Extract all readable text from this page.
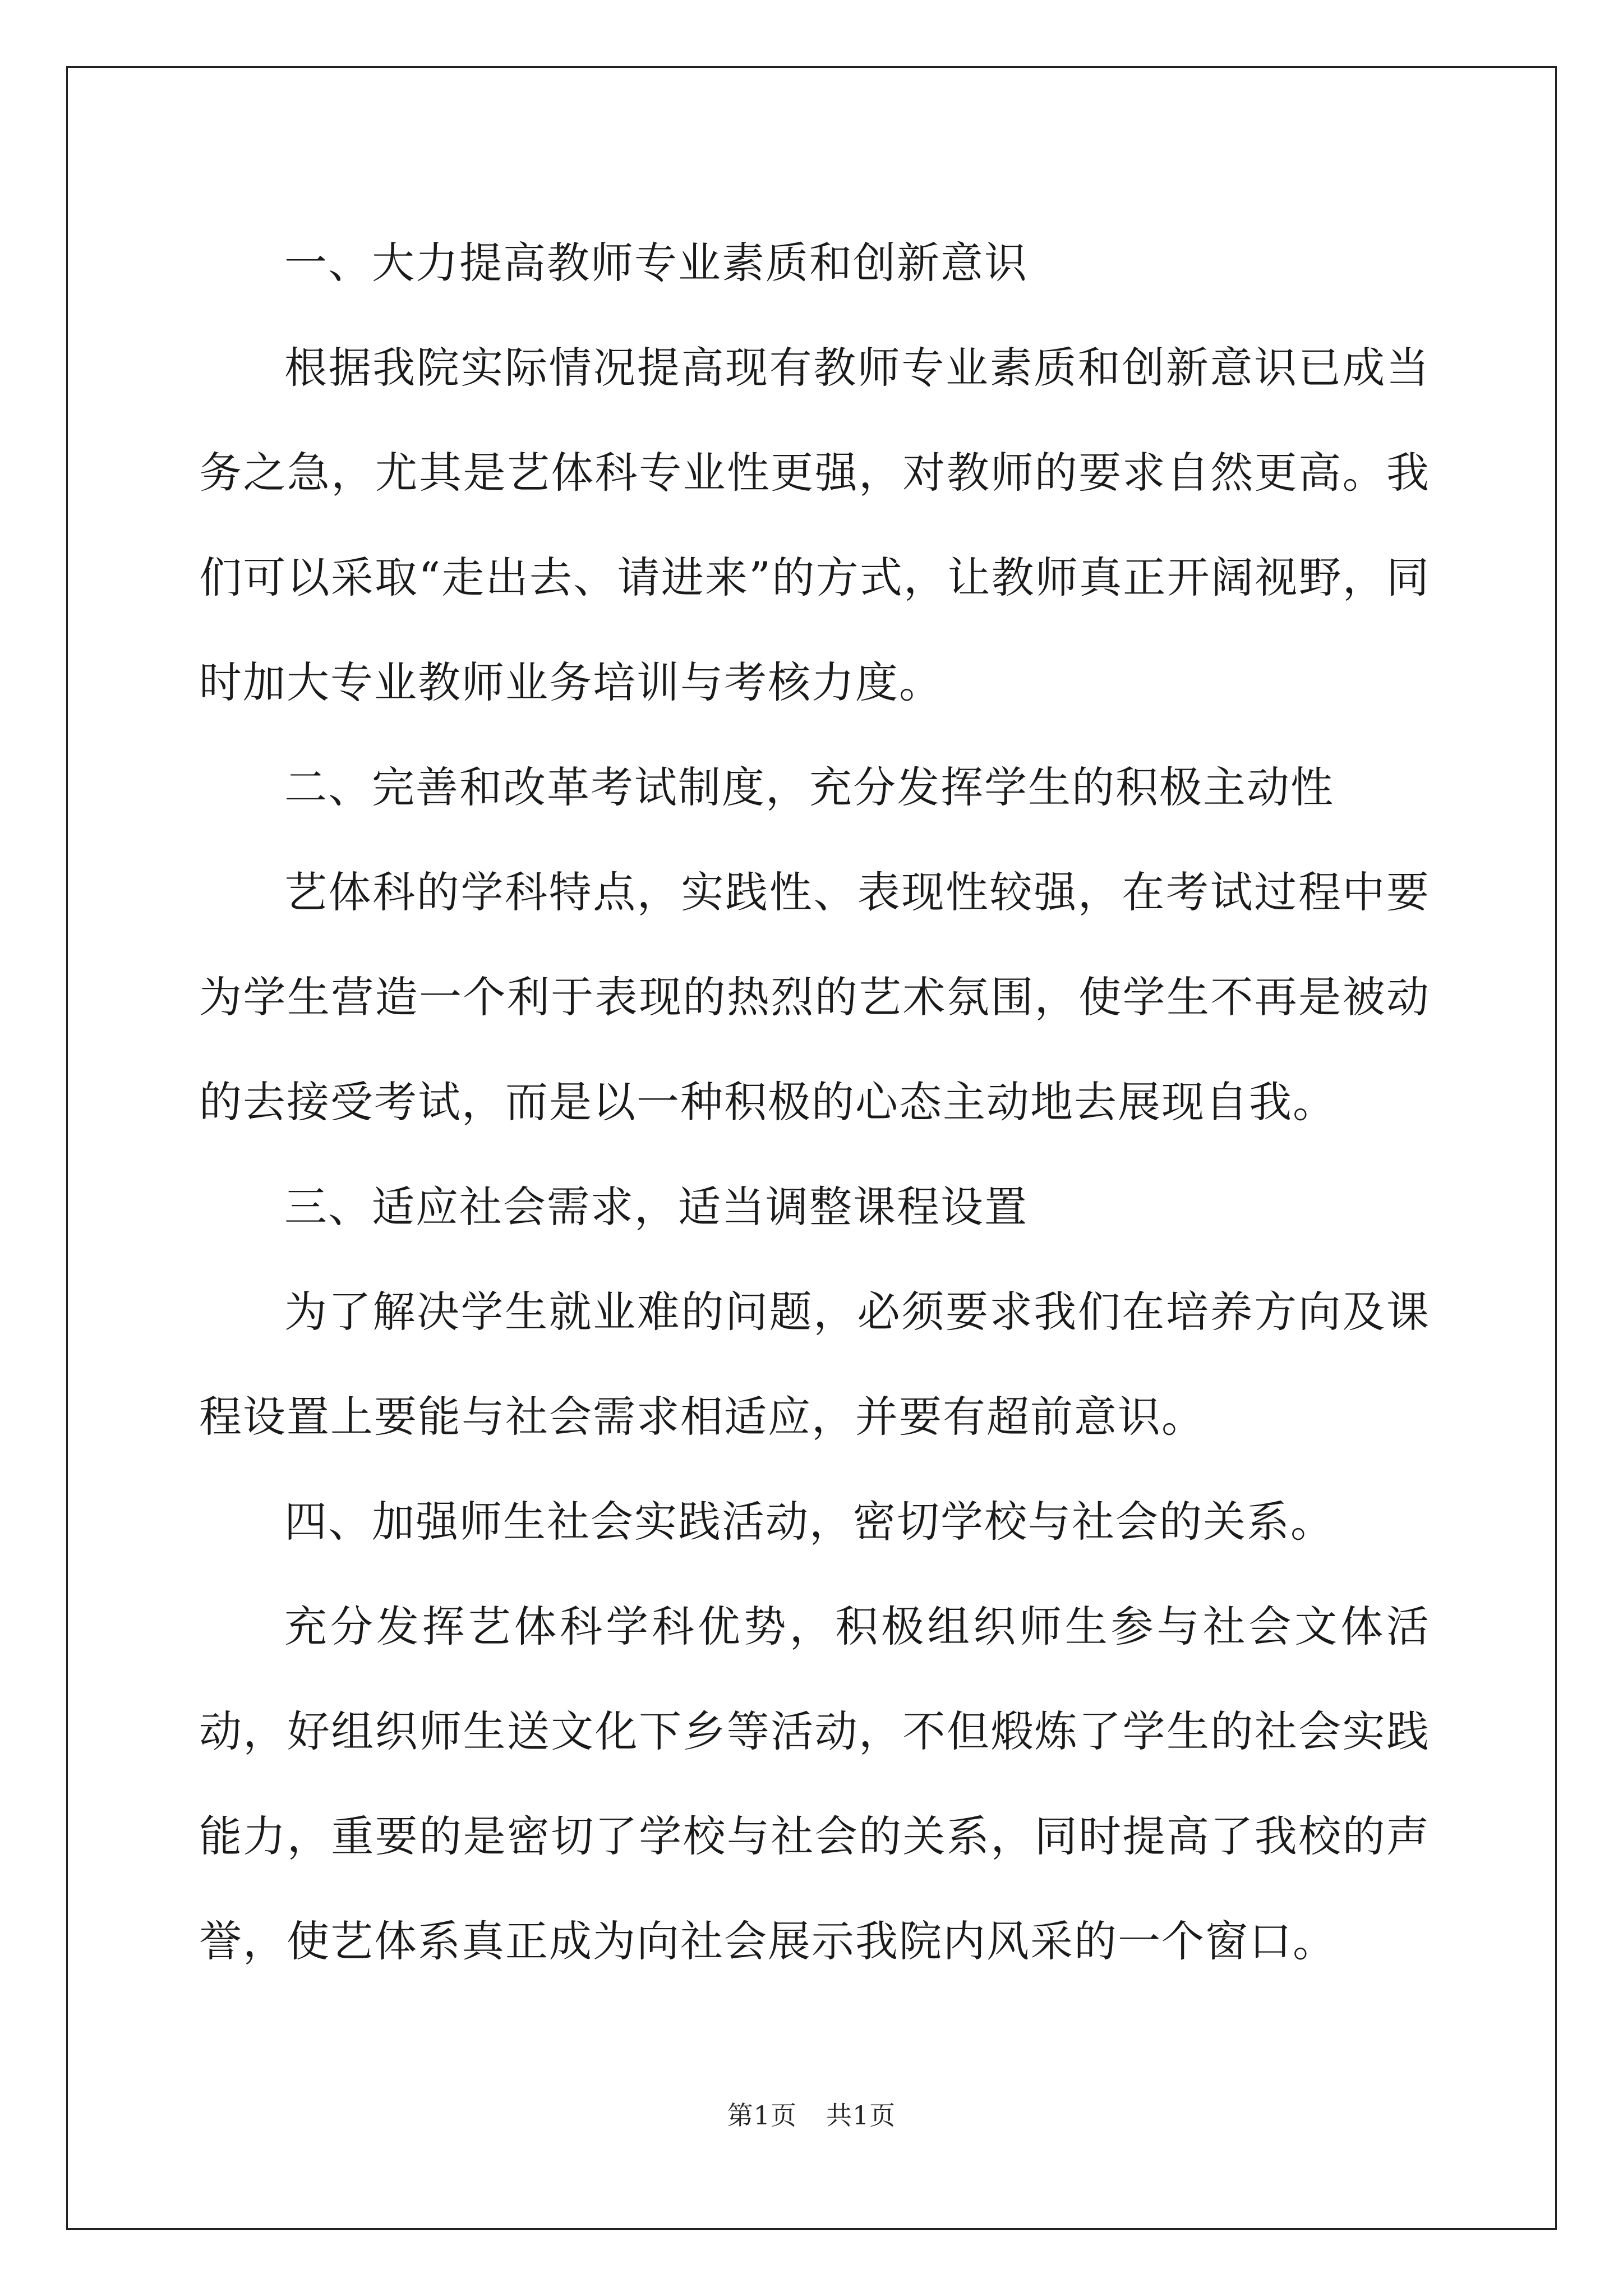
一、大力提高教师专业素质和创新意识

根据我院实际情况提高现有教师专业素质和创新意识已成当务之急，尤其是艺体科专业性更强，对教师的要求自然更高。我们可以采取“走出去、请进来”的方式，让教师真正开阔视野，同时加大专业教师业务培训与考核力度。

二、完善和改革考试制度，充分发挥学生的积极主动性

艺体科的学科特点，实践性、表现性较强，在考试过程中要为学生营造一个利于表现的热烈的艺术氛围，使学生不再是被动的去接受考试，而是以一种积极的心态主动地去展现自我。

三、适应社会需求，适当调整课程设置

为了解决学生就业难的问题，必须要求我们在培养方向及课程设置上要能与社会需求相适应，并要有超前意识。

四、加强师生社会实践活动，密切学校与社会的关系。

充分发挥艺体科学科优势，积极组织师生参与社会文体活动，好组织师生送文化下乡等活动，不但煅炼了学生的社会实践能力，重要的是密切了学校与社会的关系，同时提高了我校的声誉，使艺体系真正成为向社会展示我院内风采的一个窗口。

第1页 共1页
